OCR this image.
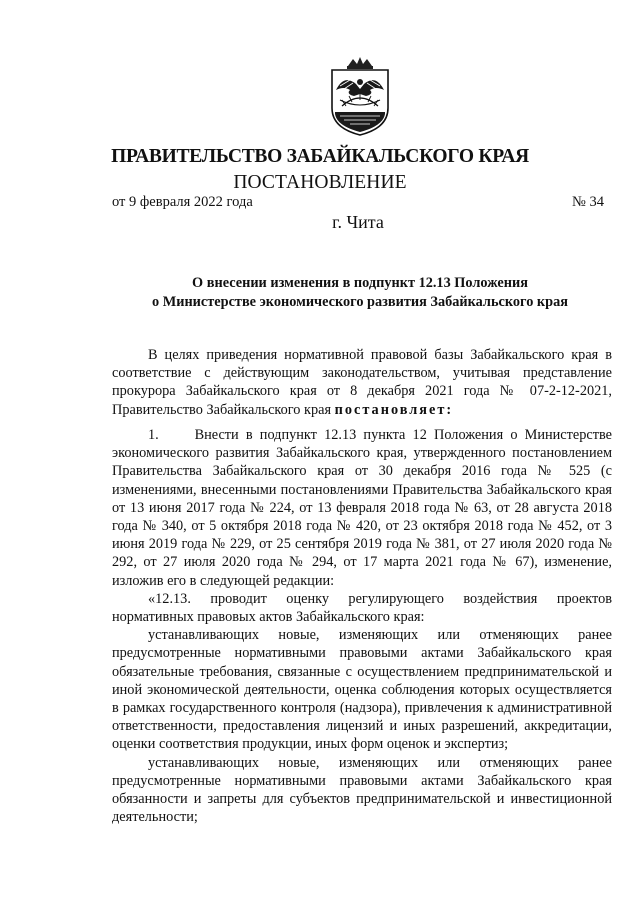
ПРАВИТЕЛЬСТВО ЗАБАЙКАЛЬСКОГО КРАЯ
ПОСТАНОВЛЕНИЕ
от 9 февраля 2022 года	№ 34
г. Чита
О внесении изменения в подпункт 12.13 Положения
о Министерстве экономического развития Забайкальского края

В целях приведения нормативной правовой базы Забайкальского края в соответствие с действующим законодательством, учитывая представление прокурора Забайкальского края от 8 декабря 2021 года № 07-2-12-2021, Правительство Забайкальского края постановляет:

1.     Внести в подпункт 12.13 пункта 12 Положения о Министерстве экономического развития Забайкальского края, утвержденного постановлением Правительства Забайкальского края от 30 декабря 2016 года № 525 (с изменениями, внесенными постановлениями Правительства Забайкальского края от 13 июня 2017 года № 224, от 13 февраля 2018 года № 63, от 28 августа 2018 года № 340, от 5 октября 2018 года № 420, от 23 октября 2018 года № 452, от 3 июня 2019 года № 229, от 25 сентября 2019 года № 381, от 27 июля 2020 года № 292, от 27 июля 2020 года № 294, от 17 марта 2021 года № 67), изменение, изложив его в следующей редакции:

«12.13. проводит оценку регулирующего воздействия проектов нормативных правовых актов Забайкальского края:

устанавливающих новые, изменяющих или отменяющих ранее предусмотренные нормативными правовыми актами Забайкальского края обязательные требования, связанные с осуществлением предпринимательской и иной экономической деятельности, оценка соблюдения которых осуществляется в рамках государственного контроля (надзора), привлечения к административной ответственности, предоставления лицензий и иных разрешений, аккредитации, оценки соответствия продукции, иных форм оценок и экспертиз;

устанавливающих новые, изменяющих или отменяющих ранее предусмотренные нормативными правовыми актами Забайкальского края обязанности и запреты для субъектов предпринимательской и инвестиционной деятельности;
